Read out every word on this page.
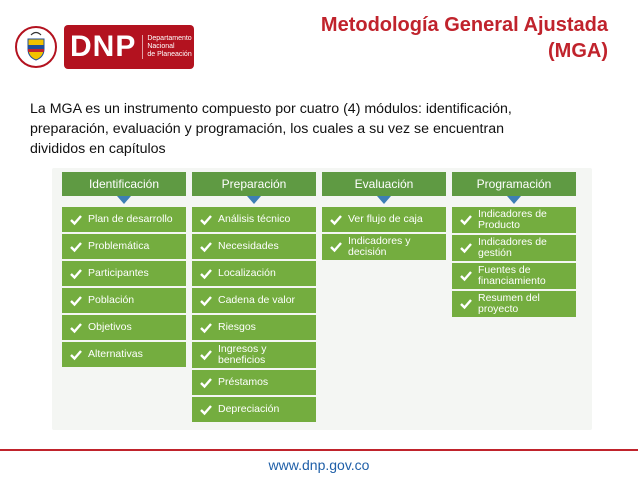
DNP Departamento
Nacional
de Planeación
Metodología General Ajustada
(MGA)
La MGA es un instrumento compuesto por cuatro (4) módulos: identificación,
preparación, evaluación y programación, los cuales a su vez se encuentran
divididos en capítulos
Identificación
Plan de desarrollo
Problemática
Participantes
Población
Objetivos
Alternativas
Preparación
Análisis técnico
Necesidades
Localización
Cadena de valor
Riesgos
Ingresos y beneficios
Préstamos
Depreciación
Evaluación
Ver flujo de caja
Indicadores y decisión
Programación
Indicadores de Producto
Indicadores de gestión
Fuentes de financiamiento
Resumen del proyecto
www.dnp.gov.co
